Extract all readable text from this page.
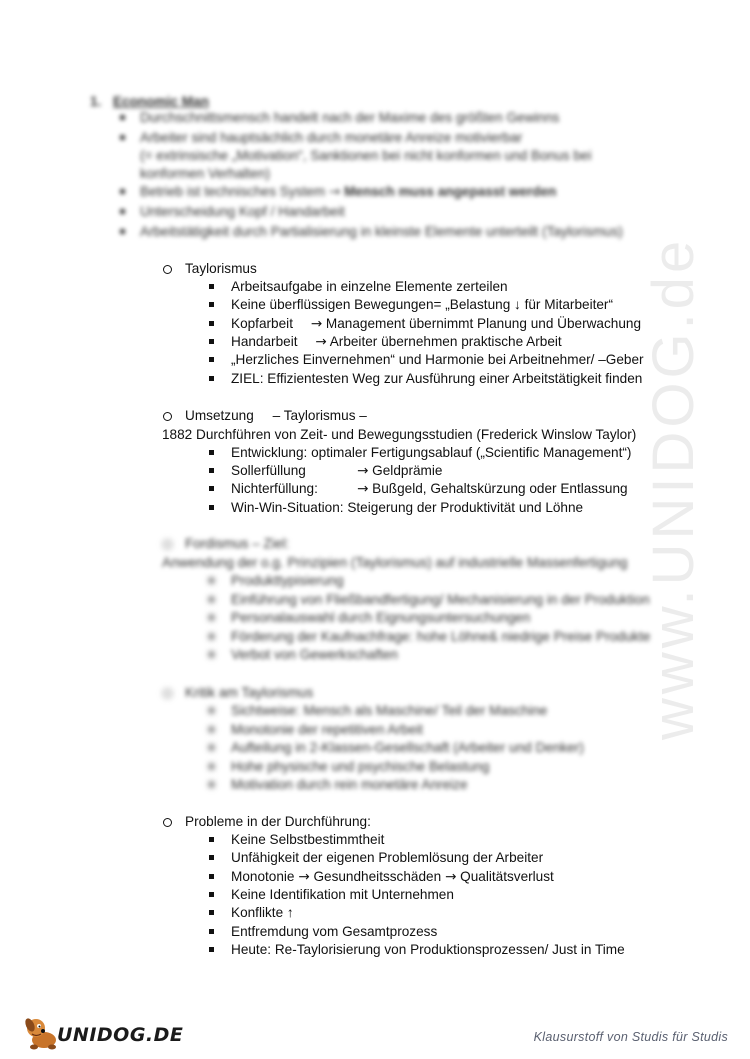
www.UNIDOG.de
1. Economic Man
Durchschnittsmensch handelt nach der Maxime des größten Gewinns
Arbeiter sind hauptsächlich durch monetäre Anreize motivierbar
(= extrinsische „Motivation“, Sanktionen bei nicht konformen und Bonus bei
konformen Verhalten)
Betrieb ist technisches System → Mensch muss angepasst werden
Unterscheidung Kopf / Handarbeit
Arbeitstätigkeit durch Partialisierung in kleinste Elemente unterteilt (Taylorismus)
Taylorismus
Arbeitsaufgabe in einzelne Elemente zerteilen
Keine überflüssigen Bewegungen= „Belastung ↓ für Mitarbeiter“
Kopfarbeit → Management übernimmt Planung und Überwachung
Handarbeit → Arbeiter übernehmen praktische Arbeit
„Herzliches Einvernehmen“ und Harmonie bei Arbeitnehmer/ –Geber
ZIEL: Effizientesten Weg zur Ausführung einer Arbeitstätigkeit finden
Umsetzung     – Taylorismus –
1882 Durchführen von Zeit- und Bewegungsstudien (Frederick Winslow Taylor)
Entwicklung: optimaler Fertigungsablauf („Scientific Management“)
Sollerfüllung	→ Geldprämie
Nichterfüllung:	→ Bußgeld, Gehaltskürzung oder Entlassung
Win-Win-Situation: Steigerung der Produktivität und Löhne
Fordismus – Ziel:
Anwendung der o.g. Prinzipien (Taylorismus) auf industrielle Massenfertigung
Produkttypisierung
Einführung von Fließbandfertigung/ Mechanisierung in der Produktion
Personalauswahl durch Eignungsuntersuchungen
Förderung der Kaufnachfrage: hohe Löhne& niedrige Preise Produkte
Verbot von Gewerkschaften
Kritik am Taylorismus
Sichtweise: Mensch als Maschine/ Teil der Maschine
Monotonie der repetitiven Arbeit
Aufteilung in 2-Klassen-Gesellschaft (Arbeiter und Denker)
Hohe physische und psychische Belastung
Motivation durch rein monetäre Anreize
Probleme in der Durchführung:
Keine Selbstbestimmtheit
Unfähigkeit der eigenen Problemlösung der Arbeiter
Monotonie → Gesundheitsschäden → Qualitätsverlust
Keine Identifikation mit Unternehmen
Konflikte ↑
Entfremdung vom Gesamtprozess
Heute: Re-Taylorisierung von Produktionsprozessen/ Just in Time
UNIDOG.DE	Klausurstoff von Studis für Studis
